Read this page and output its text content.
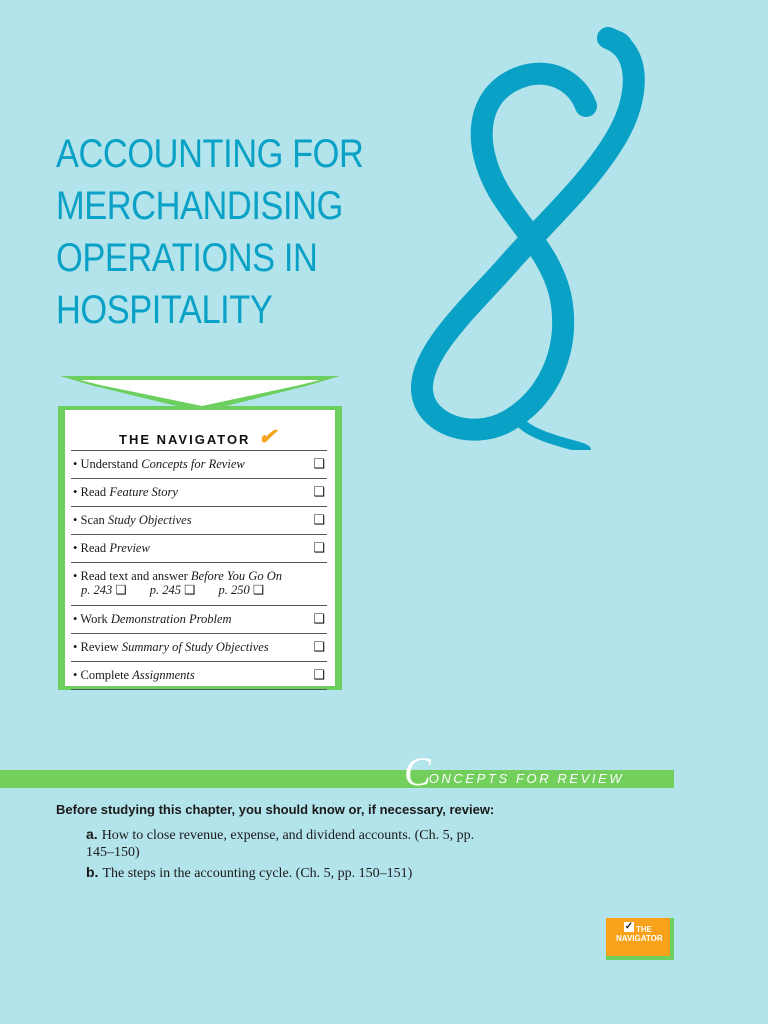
ACCOUNTING FOR
MERCHANDISING
OPERATIONS IN
HOSPITALITY
THE NAVIGATOR ✔
• Understand Concepts for Review	❑
• Read Feature Story	❑
• Scan Study Objectives	❑
• Read Preview	❑
• Read text and answer Before You Go On
p. 243 ❑ p. 245 ❑ p. 250 ❑
• Work Demonstration Problem	❑
• Review Summary of Study Objectives	❑
• Complete Assignments	❑
CONCEPTS FOR REVIEW
Before studying this chapter, you should know or, if necessary, review:
a. How to close revenue, expense, and dividend accounts. (Ch. 5, pp. 145–150)
b. The steps in the accounting cycle. (Ch. 5, pp. 150–151)
✓ THE
NAVIGATOR
